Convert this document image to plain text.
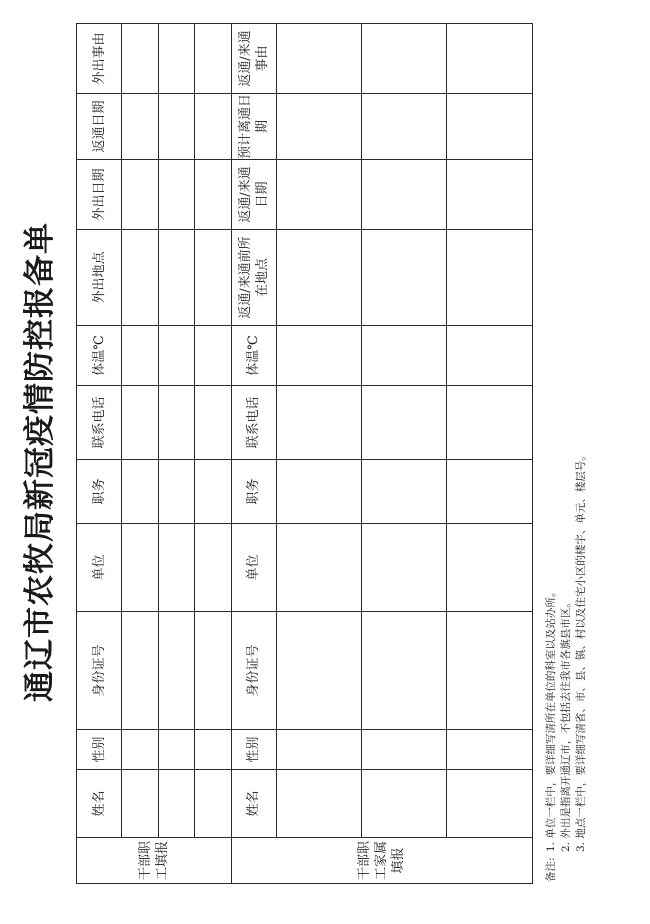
通辽市农牧局新冠疫情防控报备单
干部职工填报	姓名	性别	身份证号	单位	职务	联系电话	体温℃	外出地点	外出日期	返通日期	外出事由

干部职工家属填报	姓名	性别	身份证号	单位	职务	联系电话	体温℃	返通/来通前所在地点	返通/来通日期	预计离通日期	返通/来通事由

备注:
1. 单位一栏中，要详细写清所在单位的科室以及站办所。 2. 外出是指离开通辽市，不包括去往我市各旗县市区。 3. 地点一栏中，要详细写清省、市、县、镇、村以及住宅小区的楼宇、单元、楼层号。
